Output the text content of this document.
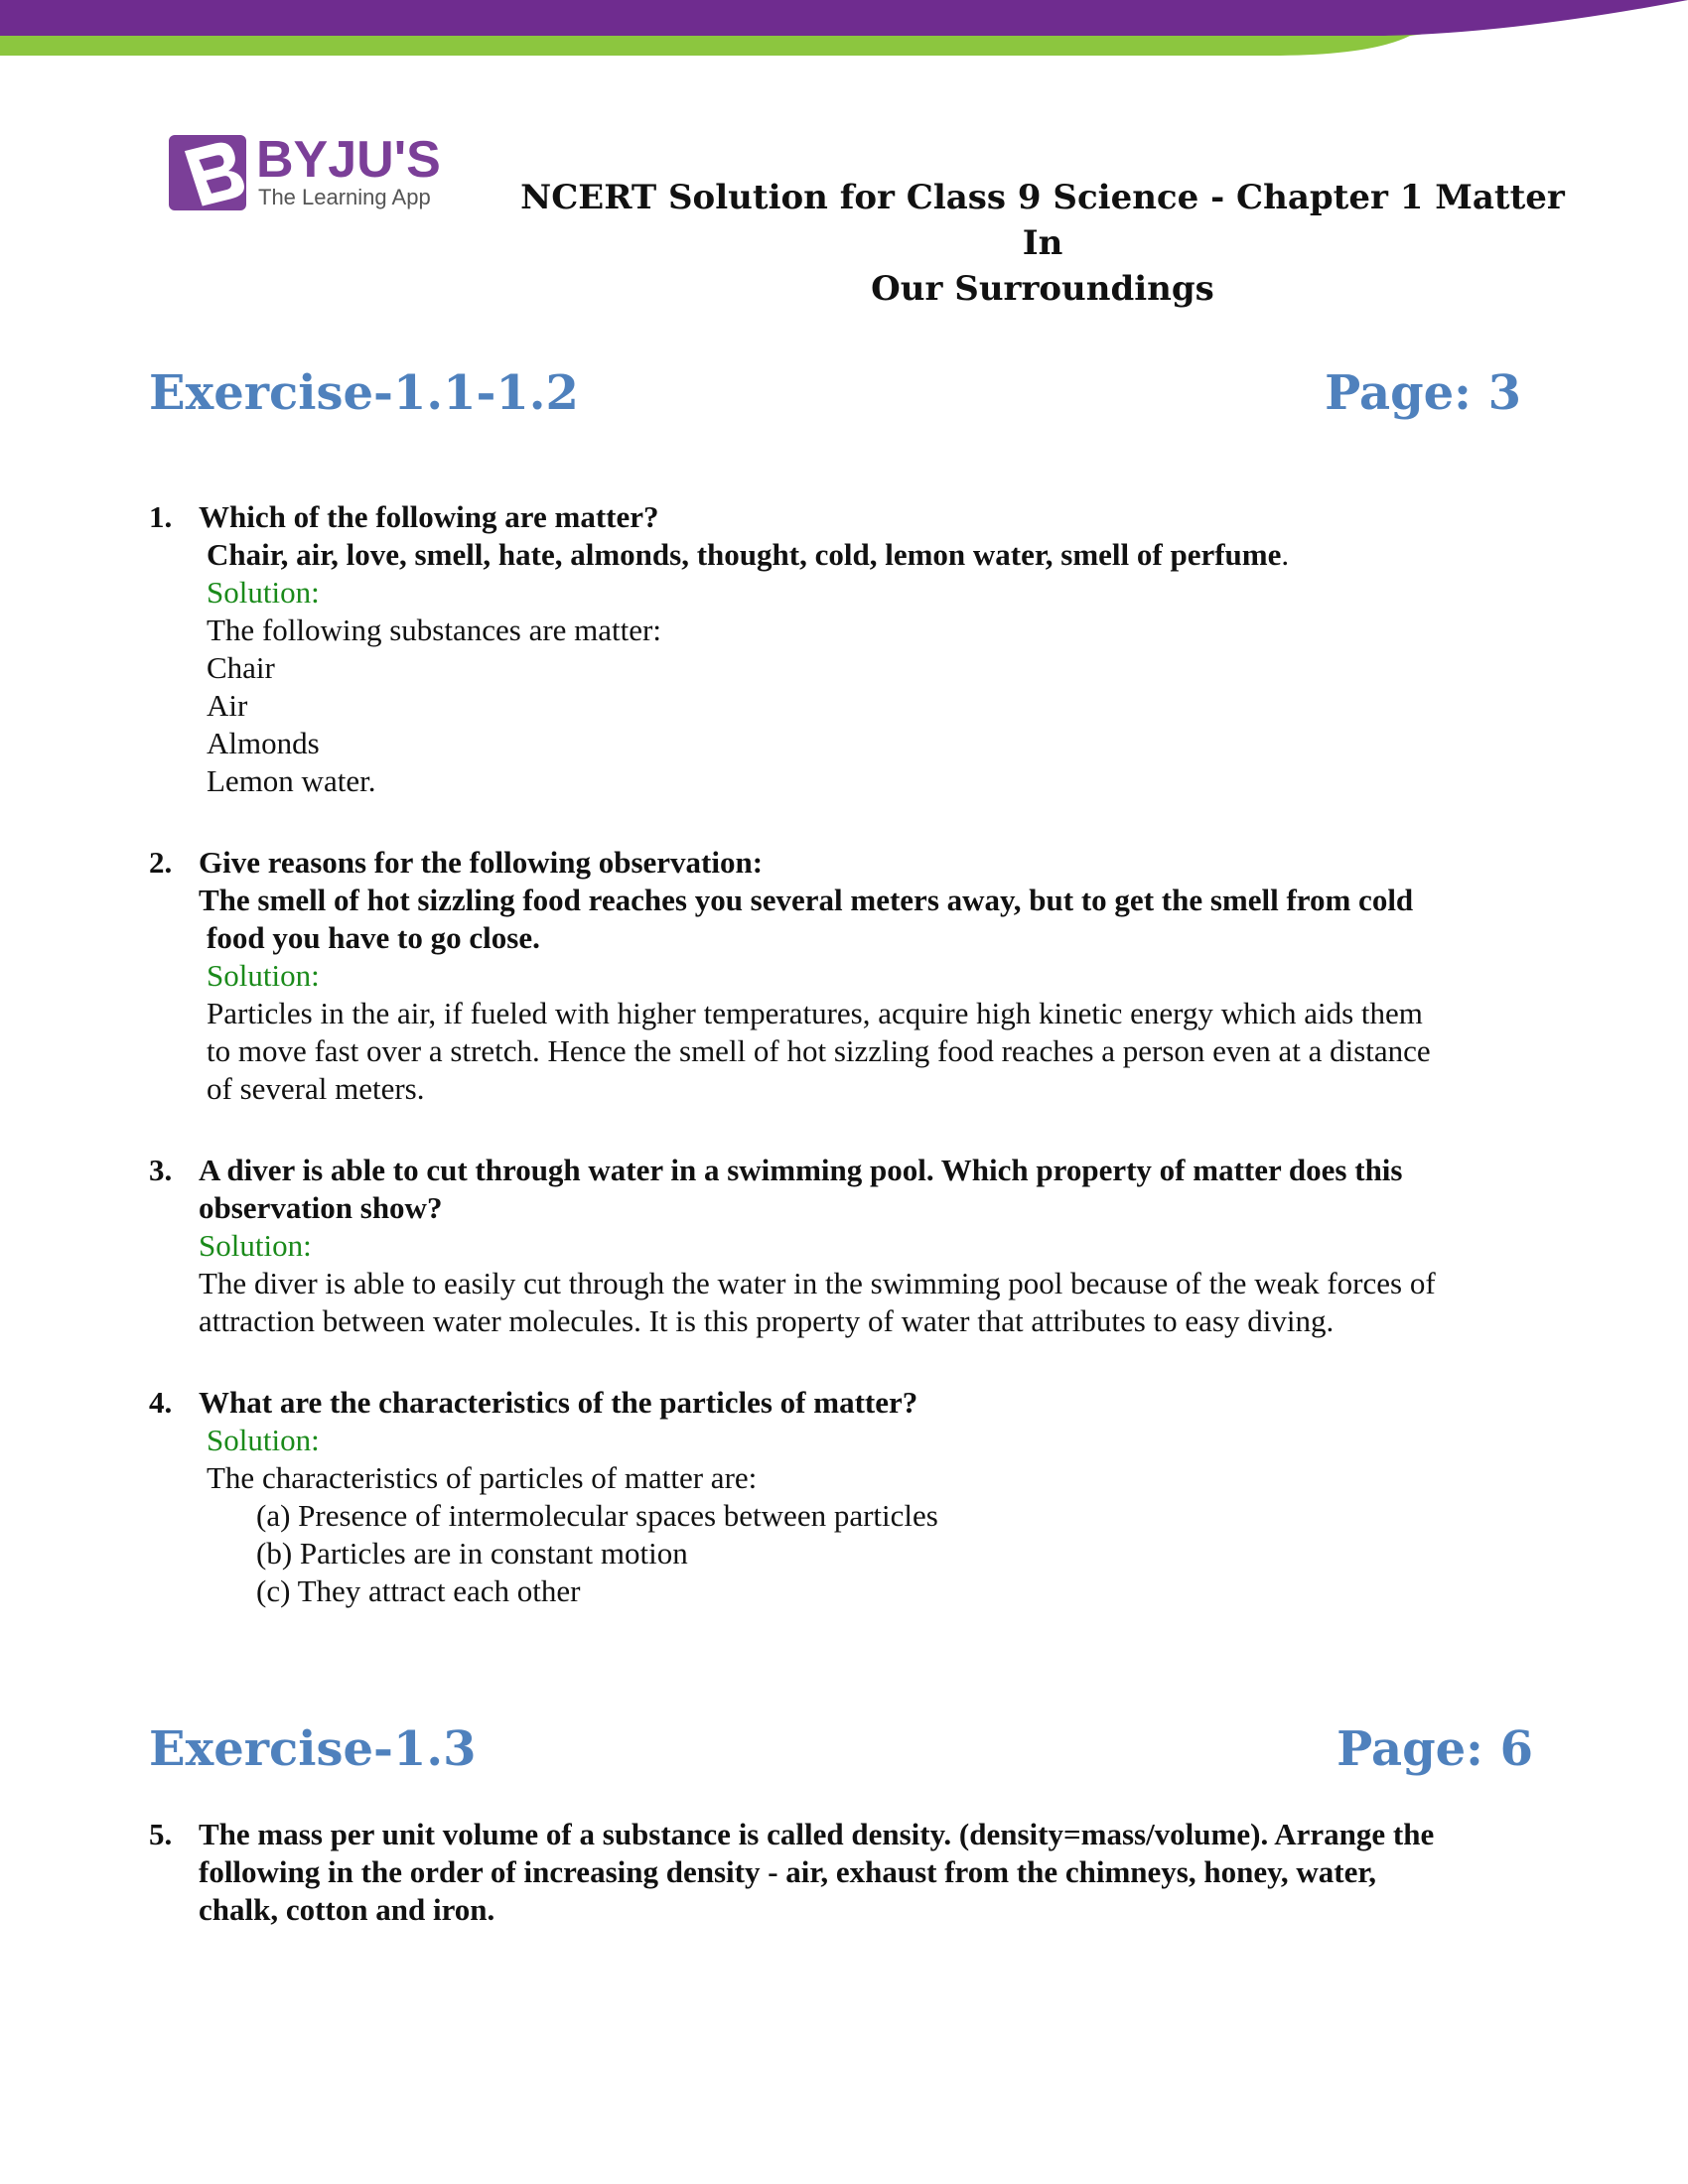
BYJU'S
The Learning App	NCERT Solution for Class 9 Science - Chapter 1 Matter In
Our Surroundings
Exercise-1.1-1.2	Page: 3
1. Which of the following are matter?
Chair, air, love, smell, hate, almonds, thought, cold, lemon water, smell of perfume.
Solution:
The following substances are matter:
Chair
Air
Almonds
Lemon water.
2. Give reasons for the following observation:
The smell of hot sizzling food reaches you several meters away, but to get the smell from cold
food you have to go close.
Solution:
Particles in the air, if fueled with higher temperatures, acquire high kinetic energy which aids them
to move fast over a stretch. Hence the smell of hot sizzling food reaches a person even at a distance
of several meters.
3. A diver is able to cut through water in a swimming pool. Which property of matter does this
observation show?
Solution:
The diver is able to easily cut through the water in the swimming pool because of the weak forces of
attraction between water molecules. It is this property of water that attributes to easy diving.
4. What are the characteristics of the particles of matter?
Solution:
The characteristics of particles of matter are:
(a) Presence of intermolecular spaces between particles
(b) Particles are in constant motion
(c) They attract each other
Exercise-1.3	Page: 6
5. The mass per unit volume of a substance is called density. (density=mass/volume). Arrange the
following in the order of increasing density - air, exhaust from the chimneys, honey, water,
chalk, cotton and iron.
